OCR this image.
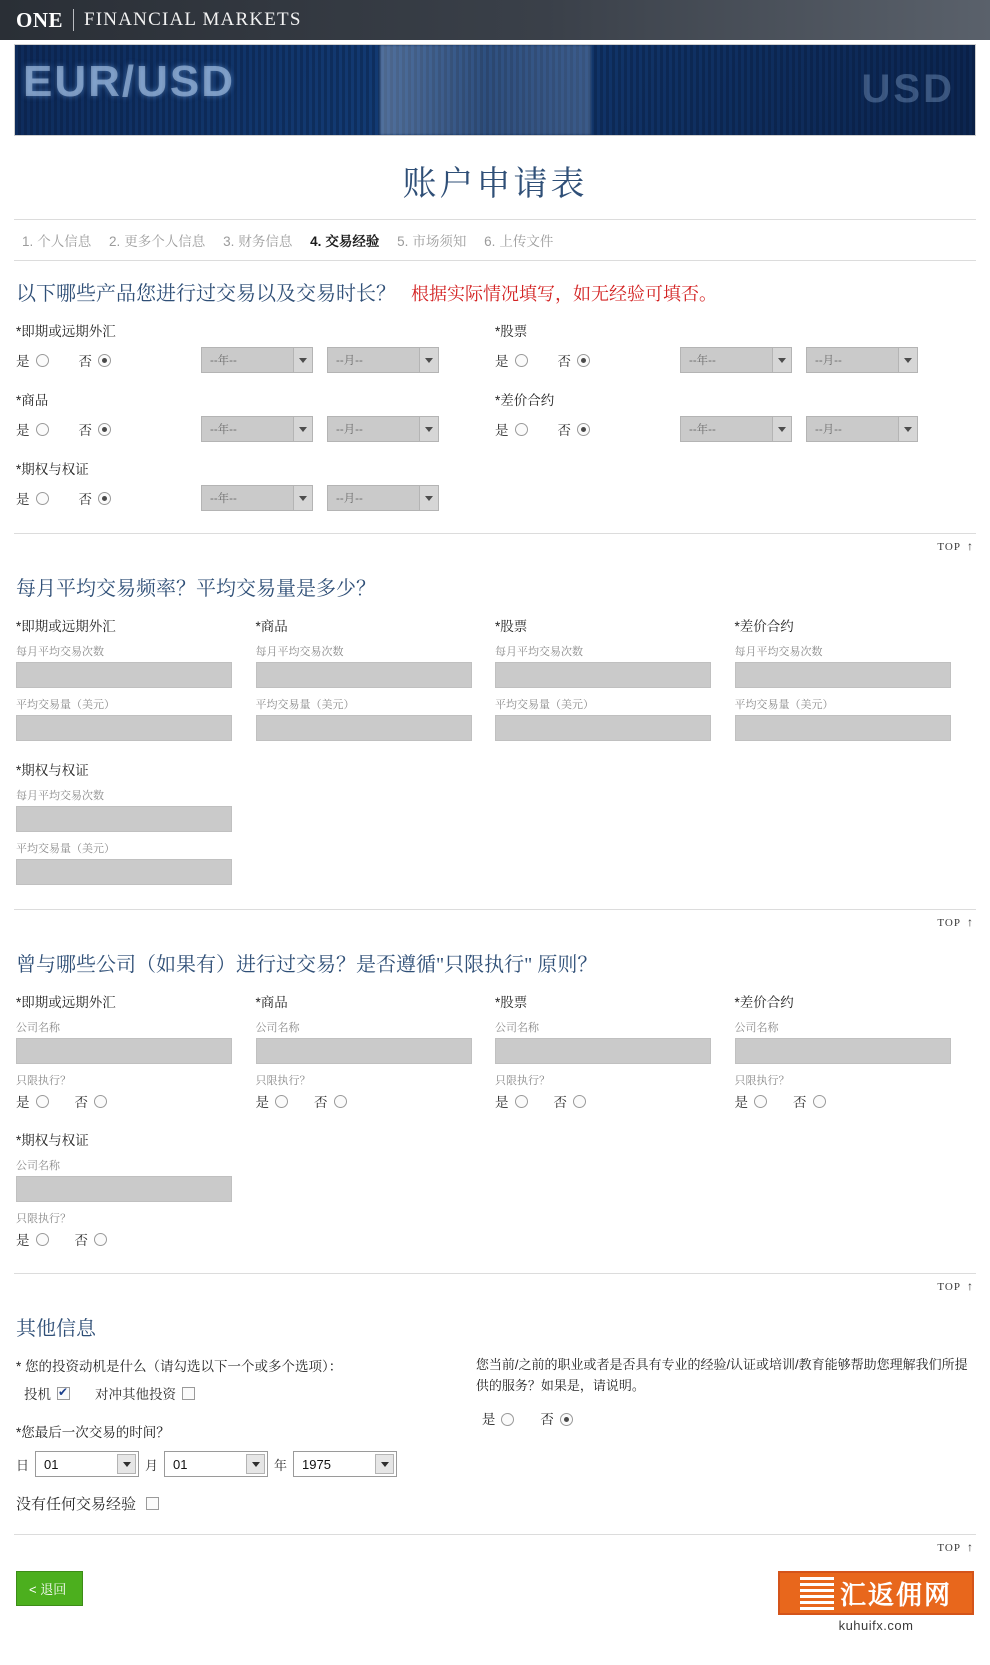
ONE FINANCIAL MARKETS
EUR/USD	USD
账户申请表
1. 个人信息 2. 更多个人信息 3. 财务信息 4. 交易经验 5. 市场须知 6. 上传文件
以下哪些产品您进行过交易以及交易时长？ 根据实际情况填写，如无经验可填否。
*即期或远期外汇
是	否	--年--	--月--
*股票
是	否	--年--	--月--
*商品
是	否	--年--	--月--
*差价合约
是	否	--年--	--月--
*期权与权证
是	否	--年--	--月--
TOP ↑
每月平均交易频率？平均交易量是多少？
*即期或远期外汇
每月平均交易次数
平均交易量（美元）
*商品
每月平均交易次数
平均交易量（美元）
*股票
每月平均交易次数
平均交易量（美元）
*差价合约
每月平均交易次数
平均交易量（美元）
*期权与权证
每月平均交易次数
平均交易量（美元）
TOP ↑
曾与哪些公司（如果有）进行过交易？是否遵循"只限执行" 原则？
*即期或远期外汇
公司名称
只限执行？
是	否
*商品
公司名称
只限执行？
是	否
*股票
公司名称
只限执行？
是	否
*差价合约
公司名称
只限执行？
是	否
*期权与权证
公司名称
只限执行？
是	否
TOP ↑
其他信息
* 您的投资动机是什么（请勾选以下一个或多个选项）：
投机	对冲其他投资
*您最后一次交易的时间？
日 01	月 01	年 1975
没有任何交易经验
您当前/之前的职业或者是否具有专业的经验/认证或培训/教育能够帮助您理解我们所提供的服务？如果是，请说明。
是	否
TOP ↑
< 退回	汇返佣网
kuhuifx.com
